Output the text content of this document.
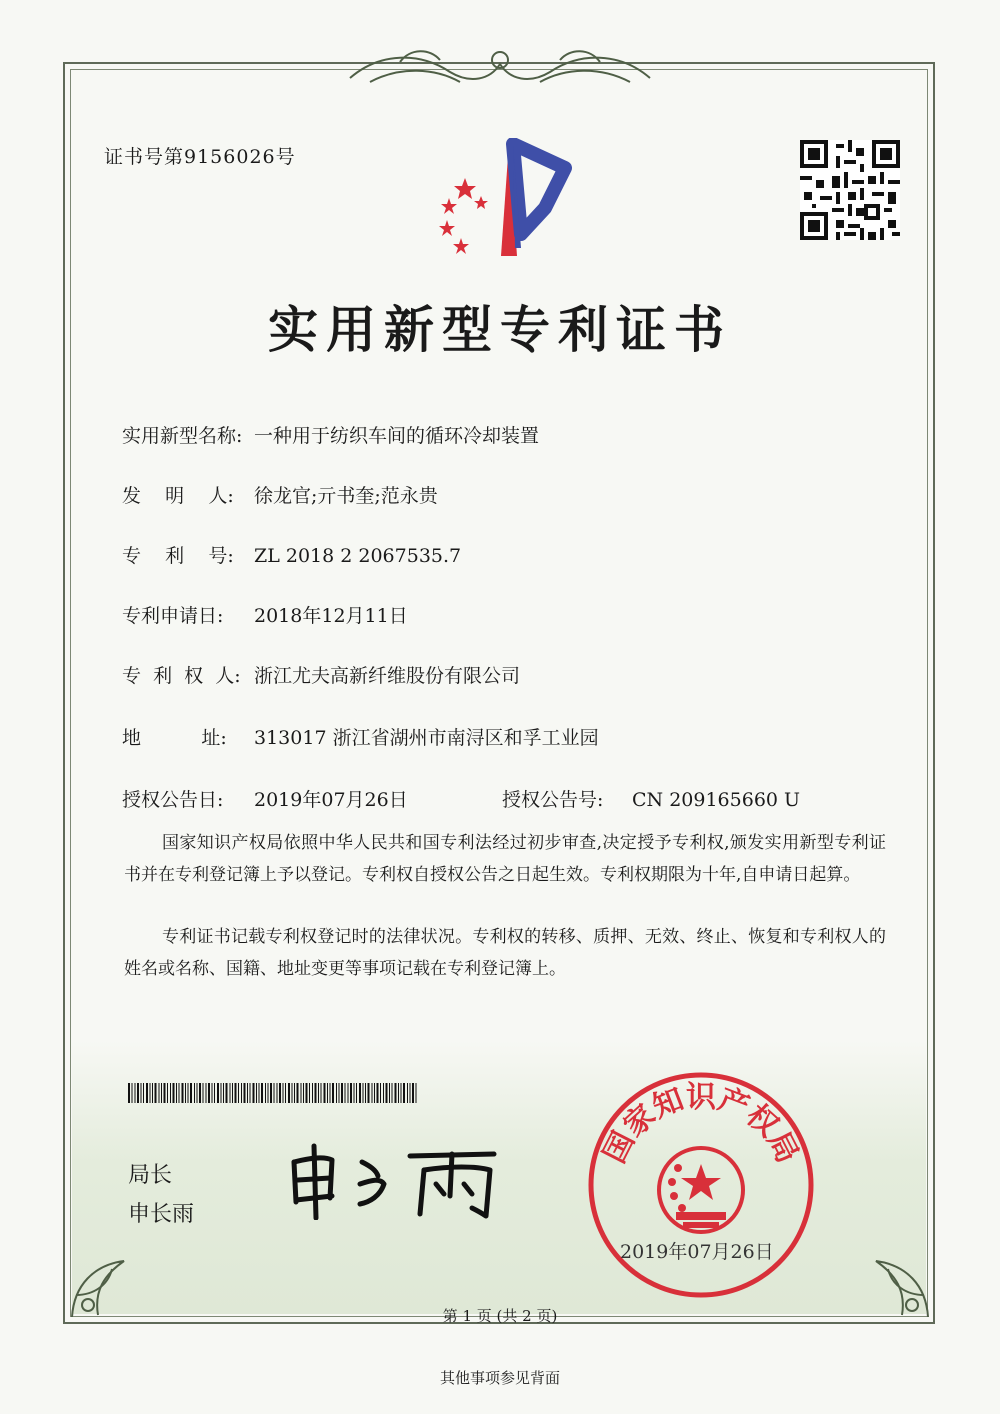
证书号第9156026号
实用新型专利证书
实用新型名称: 一种用于纺织车间的循环冷却装置
发    明    人: 徐龙官;亓书奎;范永贵
专    利    号: ZL 2018 2 2067535.7
专利申请日: 2018年12月11日
专  利  权  人: 浙江尤夫高新纤维股份有限公司
地          址: 313017 浙江省湖州市南浔区和孚工业园
授权公告日: 2019年07月26日	授权公告号: CN 209165660 U

国家知识产权局依照中华人民共和国专利法经过初步审查,决定授予专利权,颁发实用新型专利证书并在专利登记簿上予以登记。专利权自授权公告之日起生效。专利权期限为十年,自申请日起算。

专利证书记载专利权登记时的法律状况。专利权的转移、质押、无效、终止、恢复和专利权人的姓名或名称、国籍、地址变更等事项记载在专利登记簿上。

局长
申长雨
国家知识产权局
2019年07月26日
第 1 页 (共 2 页)
其他事项参见背面
